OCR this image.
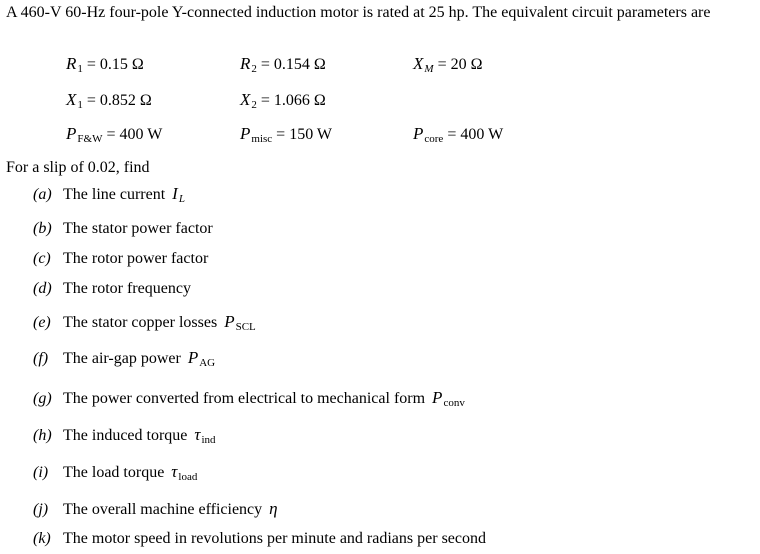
A 460-V 60-Hz four-pole Y-connected induction motor is rated at 25 hp. The equivalent circuit parameters are
$R_1 = 0.15$ Ω	$R_2 = 0.154$ Ω	$X_M = 20$ Ω
$X_1 = 0.852$ Ω	$X_2 = 1.066$ Ω
$P_{F\&W} = 400$ W	$P_{misc} = 150$ W	$P_{core} = 400$ W
For a slip of 0.02, find
(a) The line current $I_L$
(b) The stator power factor
(c) The rotor power factor
(d) The rotor frequency
(e) The stator copper losses $P_{SCL}$
(f) The air-gap power $P_{AG}$
(g) The power converted from electrical to mechanical form $P_{conv}$
(h) The induced torque $\tau_{ind}$
(i) The load torque $\tau_{load}$
(j) The overall machine efficiency η
(k) The motor speed in revolutions per minute and radians per second
